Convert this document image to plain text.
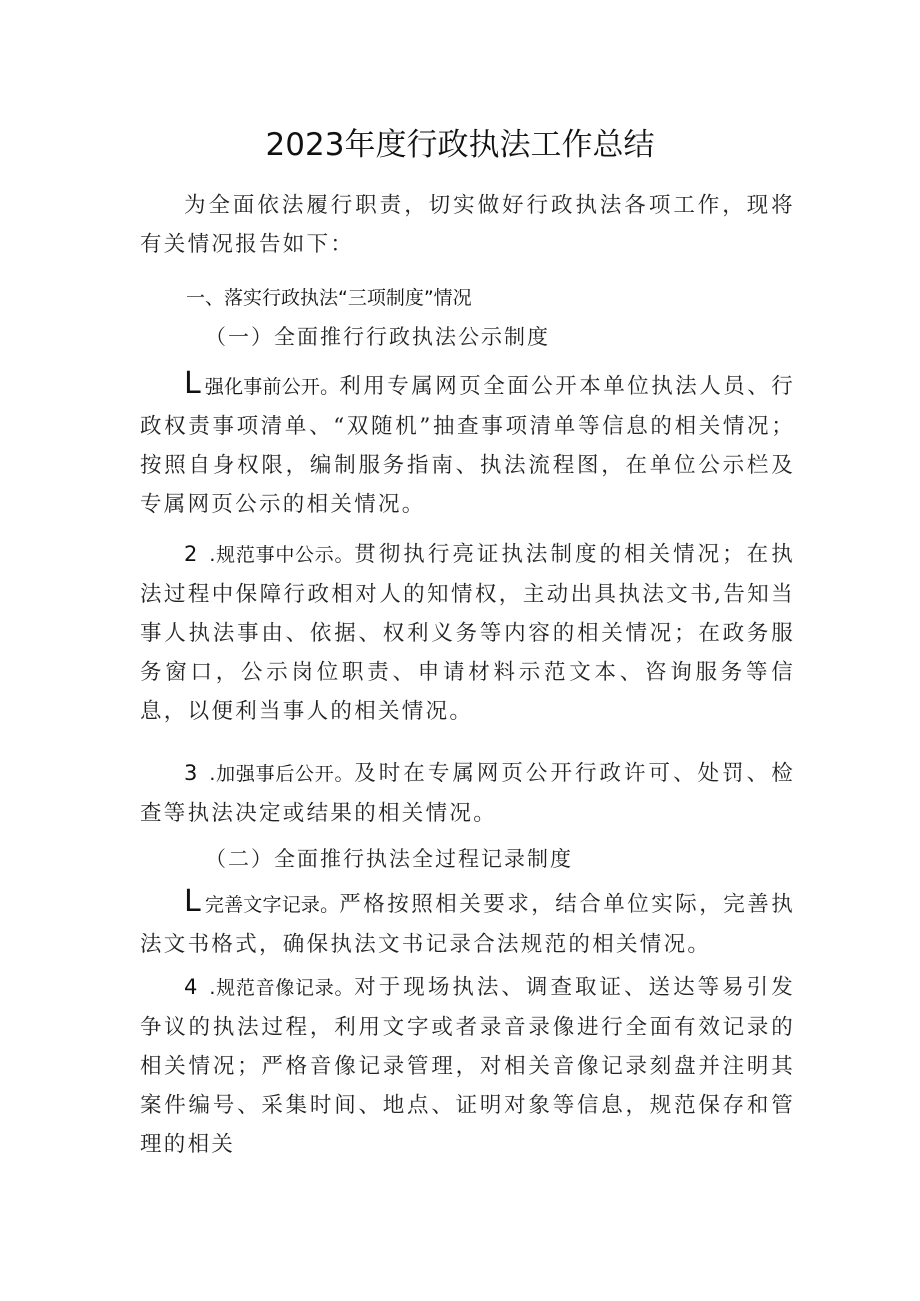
2023年度行政执法工作总结

为全面依法履行职责，切实做好行政执法各项工作，现将有关情况报告如下：

一、落实行政执法“三项制度”情况
（一）全面推行行政执法公示制度

L强化事前公开。利用专属网页全面公开本单位执法人员、行政权责事项清单、“双随机”抽查事项清单等信息的相关情况；按照自身权限，编制服务指南、执法流程图，在单位公示栏及专属网页公示的相关情况。

2 .规范事中公示。贯彻执行亮证执法制度的相关情况；在执法过程中保障行政相对人的知情权，主动出具执法文书,告知当事人执法事由、依据、权利义务等内容的相关情况；在政务服务窗口，公示岗位职责、申请材料示范文本、咨询服务等信息，以便利当事人的相关情况。

3 .加强事后公开。及时在专属网页公开行政许可、处罚、检查等执法决定或结果的相关情况。

（二）全面推行执法全过程记录制度

L完善文字记录。严格按照相关要求，结合单位实际，完善执法文书格式，确保执法文书记录合法规范的相关情况。

4 .规范音像记录。对于现场执法、调查取证、送达等易引发争议的执法过程，利用文字或者录音录像进行全面有效记录的相关情况；严格音像记录管理，对相关音像记录刻盘并注明其案件编号、采集时间、地点、证明对象等信息，规范保存和管理的相关
